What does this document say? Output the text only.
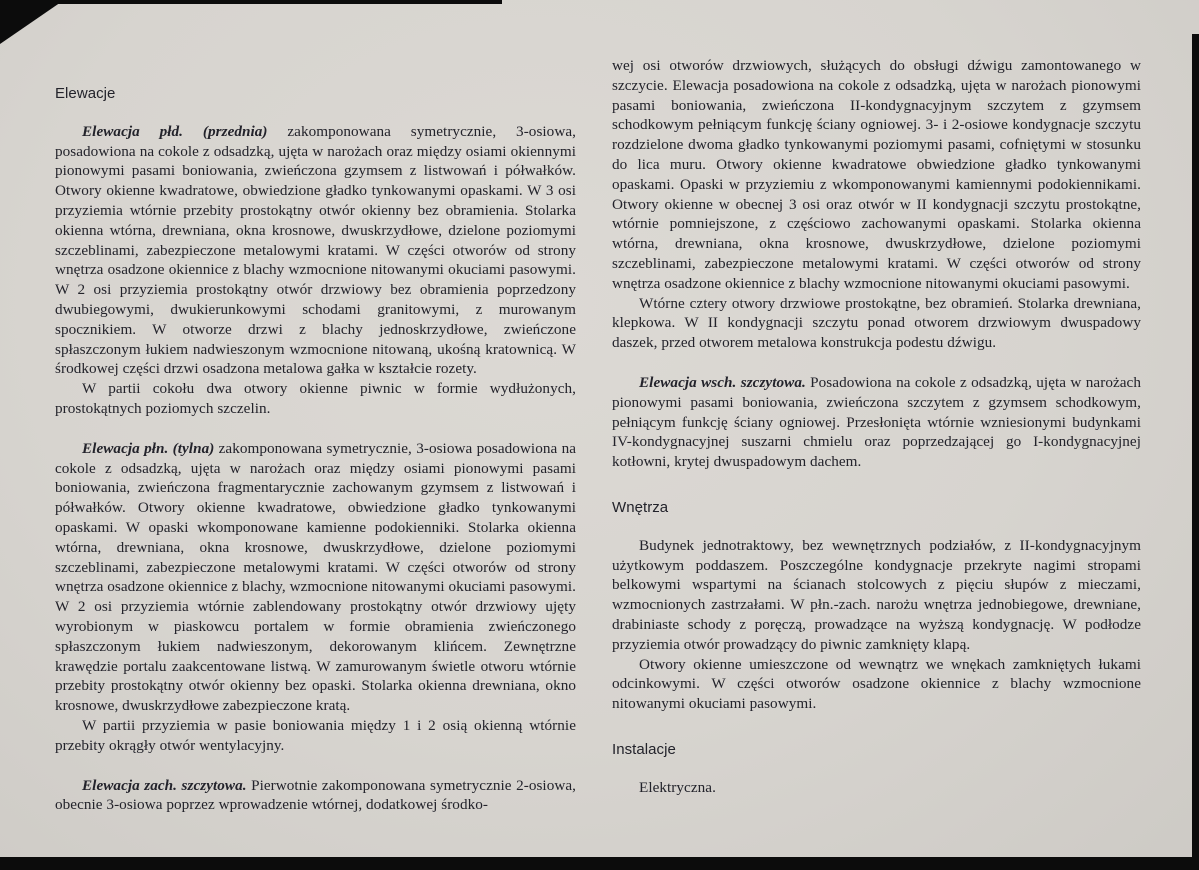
Elewacje

Elewacja płd. (przednia) zakomponowana symetrycznie, 3-osiowa, posadowiona na cokole z odsadzką, ujęta w narożach oraz między osiami okiennymi pionowymi pasami boniowania, zwieńczona gzymsem z listwowań i półwałków. Otwory okienne kwadratowe, obwiedzione gładko tynkowanymi opaskami. W 3 osi przyziemia wtórnie przebity prostokątny otwór okienny bez obramienia. Stolarka okienna wtórna, drewniana, okna krosnowe, dwuskrzydłowe, dzielone poziomymi szczeblinami, zabezpieczone metalowymi kratami. W części otworów od strony wnętrza osadzone okiennice z blachy wzmocnione nitowanymi okuciami pasowymi. W 2 osi przyziemia prostokątny otwór drzwiowy bez obramienia poprzedzony dwubiegowymi, dwukierunkowymi schodami granitowymi, z murowanym spocznikiem. W otworze drzwi z blachy jednoskrzydłowe, zwieńczone spłaszczonym łukiem nadwieszonym wzmocnione nitowaną, ukośną kratownicą. W środkowej części drzwi osadzona metalowa gałka w kształcie rozety.

W partii cokołu dwa otwory okienne piwnic w formie wydłużonych, prostokątnych poziomych szczelin.

Elewacja płn. (tylna) zakomponowana symetrycznie, 3-osiowa posadowiona na cokole z odsadzką, ujęta w narożach oraz między osiami pionowymi pasami boniowania, zwieńczona fragmentarycznie zachowanym gzymsem z listwowań i półwałków. Otwory okienne kwadratowe, obwiedzione gładko tynkowanymi opaskami. W opaski wkomponowane kamienne podokienniki. Stolarka okienna wtórna, drewniana, okna krosnowe, dwuskrzydłowe, dzielone poziomymi szczeblinami, zabezpieczone metalowymi kratami. W części otworów od strony wnętrza osadzone okiennice z blachy, wzmocnione nitowanymi okuciami pasowymi. W 2 osi przyziemia wtórnie zablendowany prostokątny otwór drzwiowy ujęty wyrobionym w piaskowcu portalem w formie obramienia zwieńczonego spłaszczonym łukiem nadwieszonym, dekorowanym klińcem. Zewnętrzne krawędzie portalu zaakcentowane listwą. W zamurowanym świetle otworu wtórnie przebity prostokątny otwór okienny bez opaski. Stolarka okienna drewniana, okno krosnowe, dwuskrzydłowe zabezpieczone kratą.

W partii przyziemia w pasie boniowania między 1 i 2 osią okienną wtórnie przebity okrągły otwór wentylacyjny.

Elewacja zach. szczytowa. Pierwotnie zakomponowana symetrycznie 2-osiowa, obecnie 3-osiowa poprzez wprowadzenie wtórnej, dodatkowej środko-

wej osi otworów drzwiowych, służących do obsługi dźwigu zamontowanego w szczycie. Elewacja posadowiona na cokole z odsadzką, ujęta w narożach pionowymi pasami boniowania, zwieńczona II-kondygnacyjnym szczytem z gzymsem schodkowym pełniącym funkcję ściany ogniowej. 3- i 2-osiowe kondygnacje szczytu rozdzielone dwoma gładko tynkowanymi poziomymi pasami, cofniętymi w stosunku do lica muru. Otwory okienne kwadratowe obwiedzione gładko tynkowanymi opaskami. Opaski w przyziemiu z wkomponowanymi kamiennymi podokiennikami. Otwory okienne w obecnej 3 osi oraz otwór w II kondygnacji szczytu prostokątne, wtórnie pomniejszone, z częściowo zachowanymi opaskami. Stolarka okienna wtórna, drewniana, okna krosnowe, dwuskrzydłowe, dzielone poziomymi szczeblinami, zabezpieczone metalowymi kratami. W części otworów od strony wnętrza osadzone okiennice z blachy wzmocnione nitowanymi okuciami pasowymi.

Wtórne cztery otwory drzwiowe prostokątne, bez obramień. Stolarka drewniana, klepkowa. W II kondygnacji szczytu ponad otworem drzwiowym dwuspadowy daszek, przed otworem metalowa konstrukcja podestu dźwigu.

Elewacja wsch. szczytowa. Posadowiona na cokole z odsadzką, ujęta w narożach pionowymi pasami boniowania, zwieńczona szczytem z gzymsem schodkowym, pełniącym funkcję ściany ogniowej. Przesłonięta wtórnie wzniesionymi budynkami IV-kondygnacyjnej suszarni chmielu oraz poprzedzającej go I-kondygnacyjnej kotłowni, krytej dwuspadowym dachem.

Wnętrza

Budynek jednotraktowy, bez wewnętrznych podziałów, z II-kondygnacyjnym użytkowym poddaszem. Poszczególne kondygnacje przekryte nagimi stropami belkowymi wspartymi na ścianach stolcowych z pięciu słupów z mieczami, wzmocnionych zastrzałami. W płn.-zach. narożu wnętrza jednobiegowe, drewniane, drabiniaste schody z poręczą, prowadzące na wyższą kondygnację. W podłodze przyziemia otwór prowadzący do piwnic zamknięty klapą.

Otwory okienne umieszczone od wewnątrz we wnękach zamkniętych łukami odcinkowymi. W części otworów osadzone okiennice z blachy wzmocnione nitowanymi okuciami pasowymi.

Instalacje

Elektryczna.
